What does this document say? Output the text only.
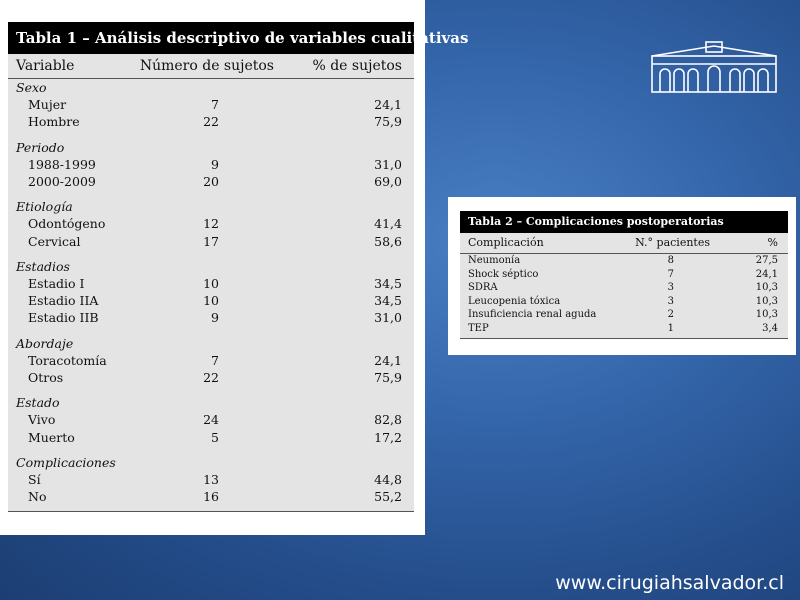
Tabla 1 – Análisis descriptivo de variables cualitativas
Variable	Número de sujetos	% de sujetos
Sexo
Mujer	7	24,1
Hombre	22	75,9
Periodo
1988-1999	9	31,0
2000-2009	20	69,0
Etiología
Odontógeno	12	41,4
Cervical	17	58,6
Estadios
Estadio I	10	34,5
Estadio IIA	10	34,5
Estadio IIB	9	31,0
Abordaje
Toracotomía	7	24,1
Otros	22	75,9
Estado
Vivo	24	82,8
Muerto	5	17,2
Complicaciones
Sí	13	44,8
No	16	55,2
Tabla 2 – Complicaciones postoperatorias
Complicación	N.° pacientes	%
Neumonía	8	27,5
Shock séptico	7	24,1
SDRA	3	10,3
Leucopenia tóxica	3	10,3
Insuficiencia renal aguda	2	10,3
TEP	1	3,4
www.cirugiahsalvador.cl
